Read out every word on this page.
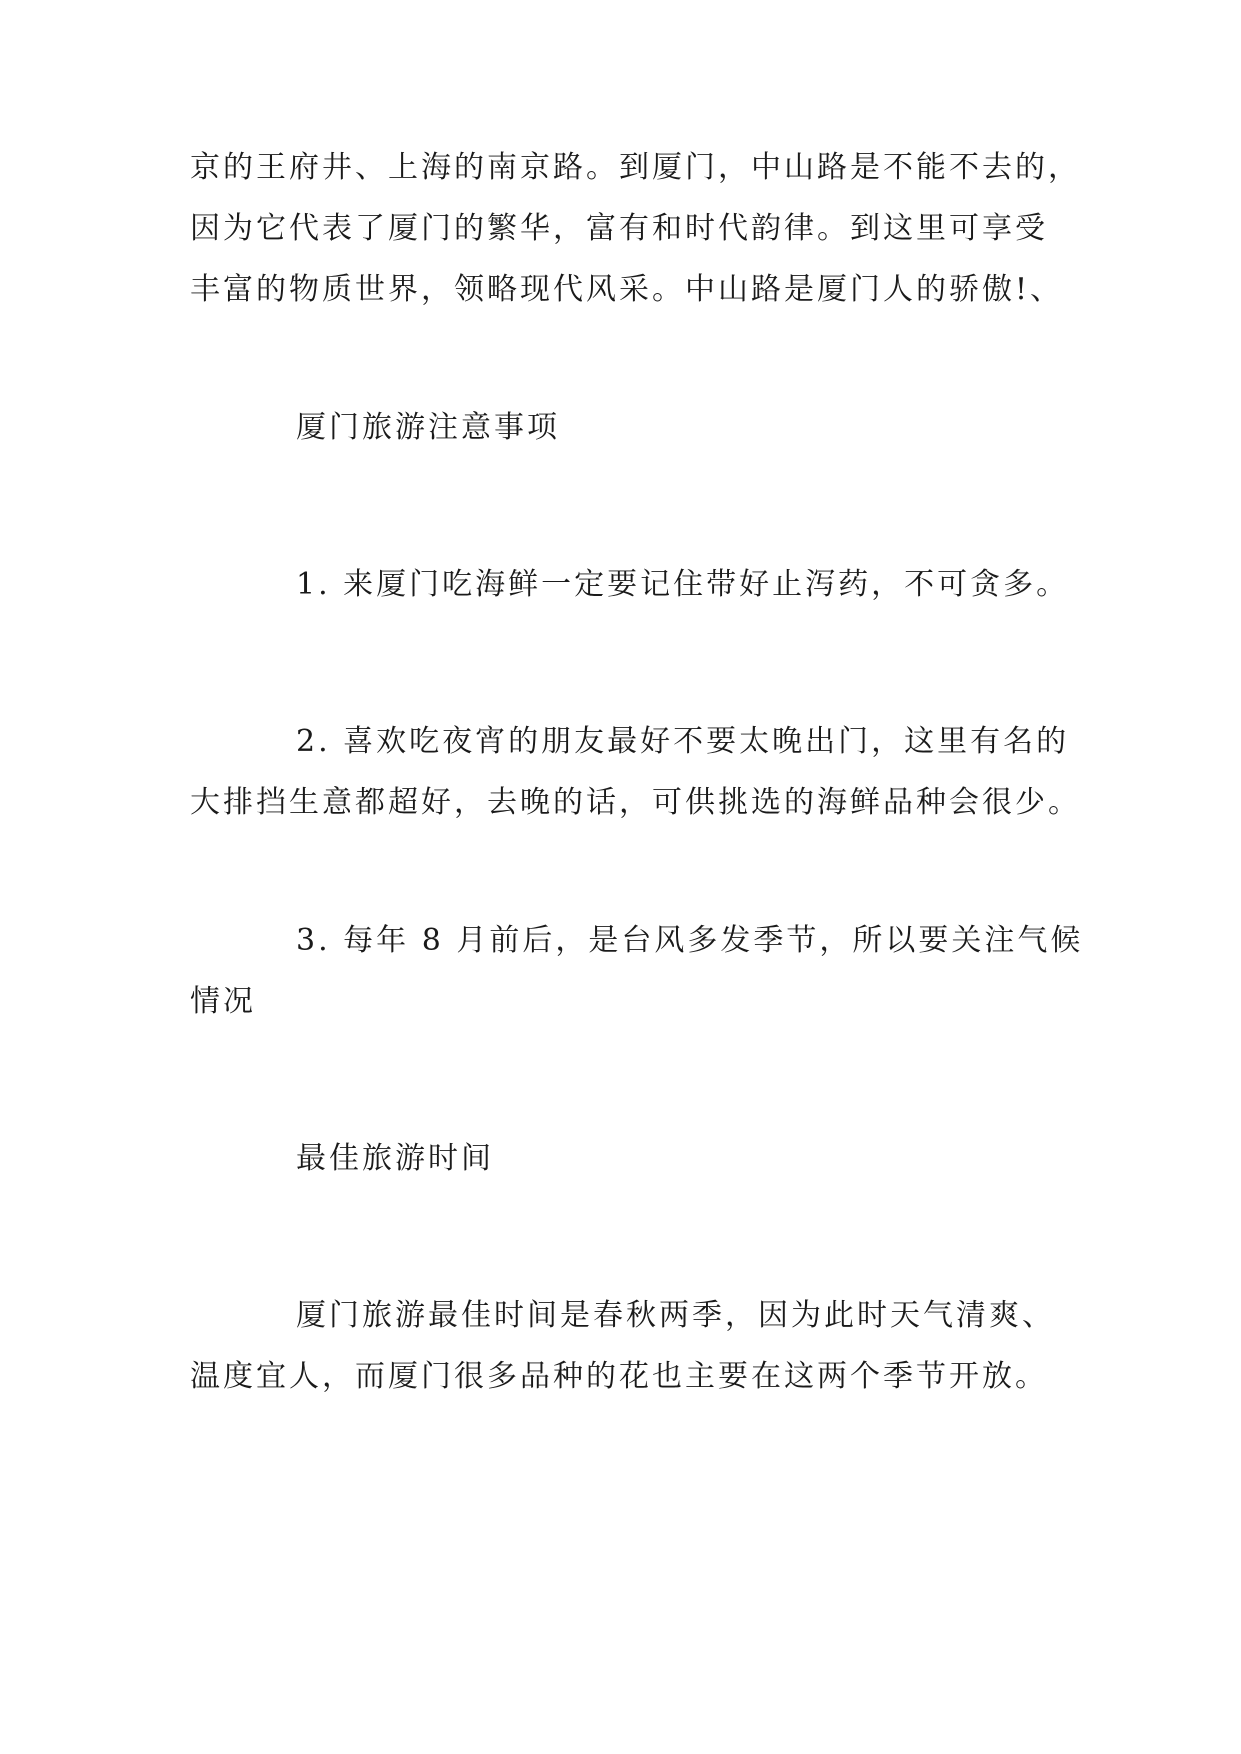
京的王府井、上海的南京路。到厦门，中山路是不能不去的，
因为它代表了厦门的繁华，富有和时代韵律。到这里可享受
丰富的物质世界，领略现代风采。中山路是厦门人的骄傲!、
厦门旅游注意事项
1. 来厦门吃海鲜一定要记住带好止泻药，不可贪多。
2. 喜欢吃夜宵的朋友最好不要太晚出门，这里有名的
大排挡生意都超好，去晚的话，可供挑选的海鲜品种会很少。
3. 每年 8 月前后，是台风多发季节，所以要关注气候
情况
最佳旅游时间
厦门旅游最佳时间是春秋两季，因为此时天气清爽、
温度宜人，而厦门很多品种的花也主要在这两个季节开放。
